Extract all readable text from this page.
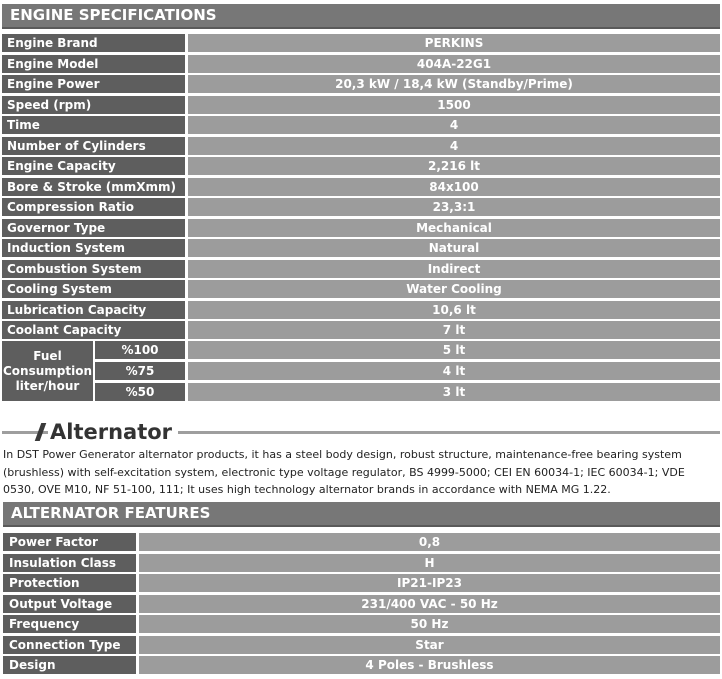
ENGINE SPECIFICATIONS
Engine Brand	PERKINS
Engine Model	404A-22G1
Engine Power	20,3 kW / 18,4 kW (Standby/Prime)
Speed (rpm)	1500
Time	4
Number of Cylinders	4
Engine Capacity	2,216 lt
Bore & Stroke (mmXmm)	84x100
Compression Ratio	23,3:1
Governor Type	Mechanical
Induction System	Natural
Combustion System	Indirect
Cooling System	Water Cooling
Lubrication Capacity	10,6 lt
Coolant Capacity	7 lt
Fuel
Consumption
liter/hour
%100	5 lt
%75	4 lt
%50	3 lt
Alternator
In DST Power Generator alternator products, it has a steel body design, robust structure, maintenance-free bearing system (brushless) with self-excitation system, electronic type voltage regulator, BS 4999-5000; CEI EN 60034-1; IEC 60034-1; VDE 0530, OVE M10, NF 51-100, 111; It uses high technology alternator brands in accordance with NEMA MG 1.22.
ALTERNATOR FEATURES
Power Factor	0,8
Insulation Class	H
Protection	IP21-IP23
Output Voltage	231/400 VAC - 50 Hz
Frequency	50 Hz
Connection Type	Star
Design	4 Poles - Brushless
